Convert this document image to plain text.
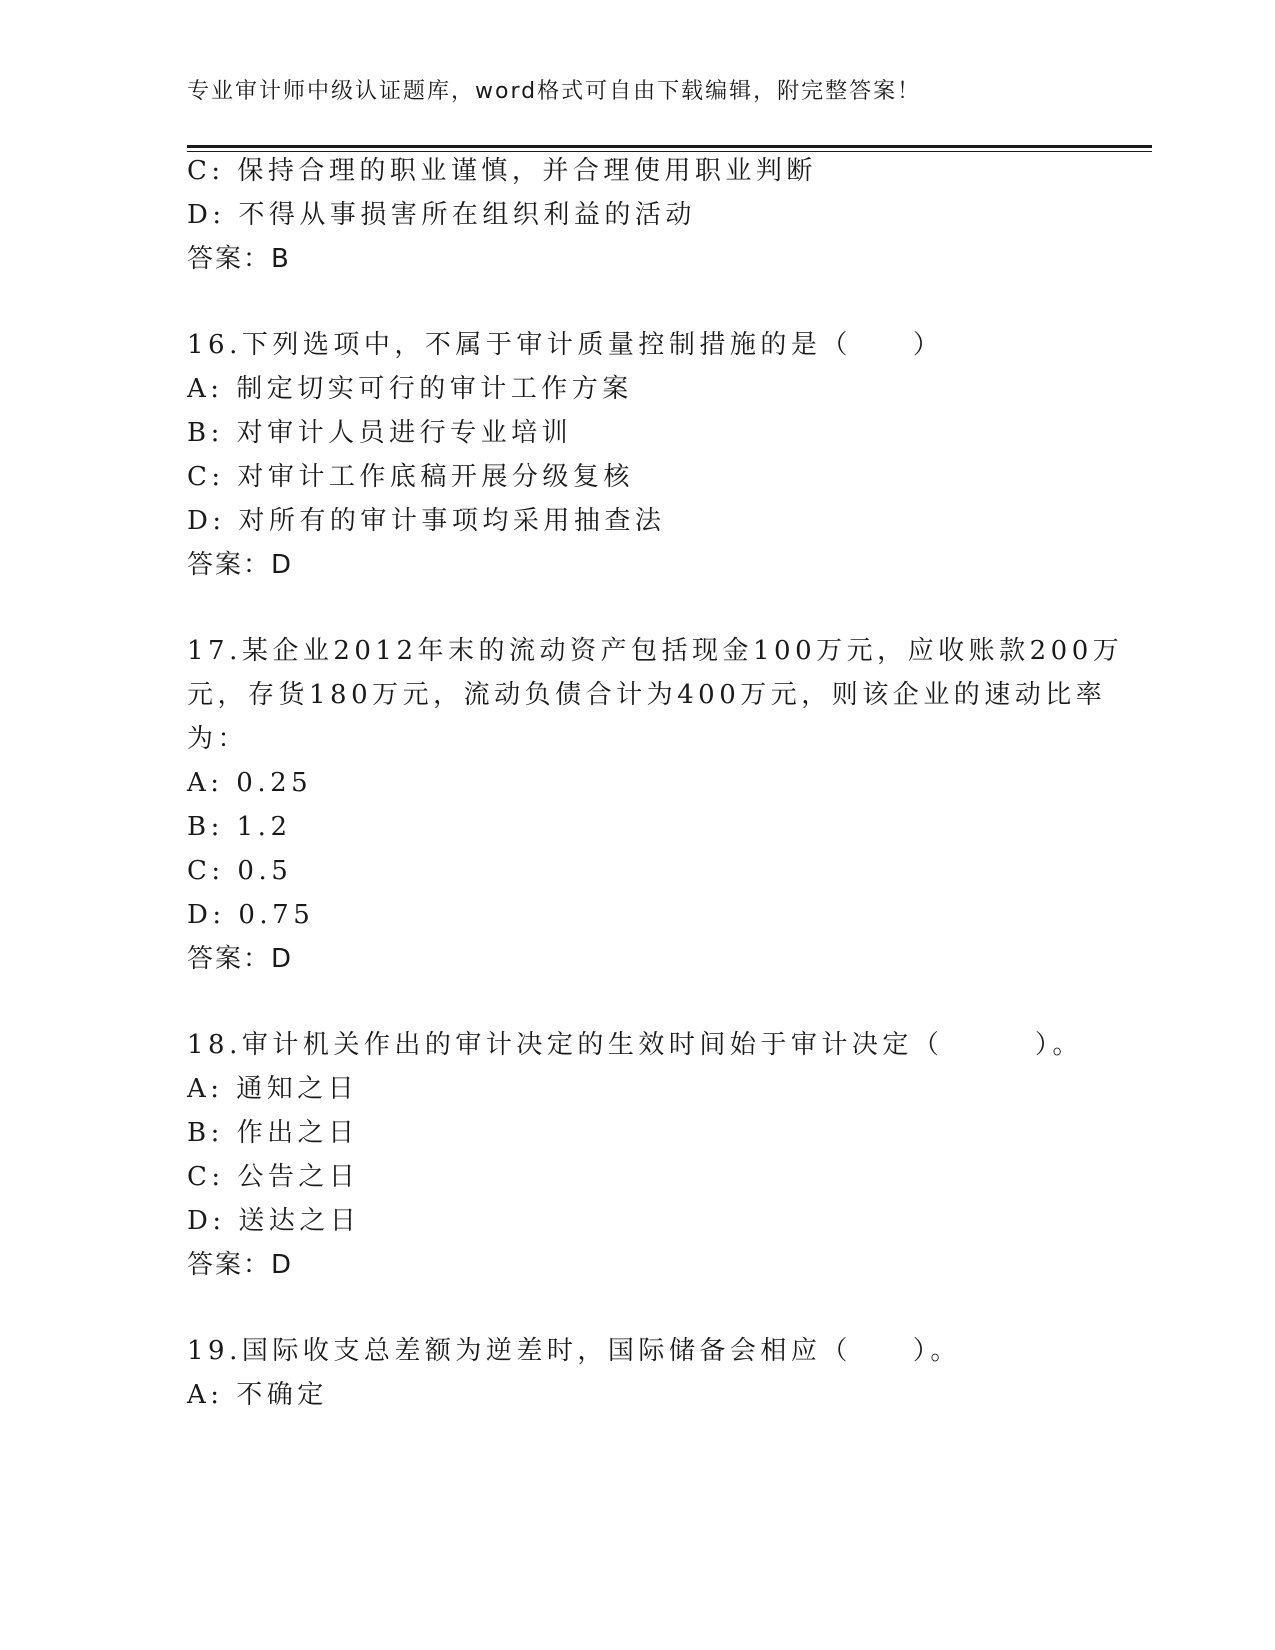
专业审计师中级认证题库，word格式可自由下载编辑，附完整答案！
C: 保持合理的职业谨慎，并合理使用职业判断
D: 不得从事损害所在组织利益的活动
答案：B
16.下列选项中，不属于审计质量控制措施的是（　　）
A: 制定切实可行的审计工作方案
B: 对审计人员进行专业培训
C: 对审计工作底稿开展分级复核
D: 对所有的审计事项均采用抽查法
答案：D
17.某企业2012年末的流动资产包括现金100万元，应收账款200万
元，存货180万元，流动负债合计为400万元，则该企业的速动比率
为：
A: 0.25
B: 1.2
C: 0.5
D: 0.75
答案：D
18.审计机关作出的审计决定的生效时间始于审计决定（　　　）。
A: 通知之日
B: 作出之日
C: 公告之日
D: 送达之日
答案：D
19.国际收支总差额为逆差时，国际储备会相应（　　）。
A: 不确定
